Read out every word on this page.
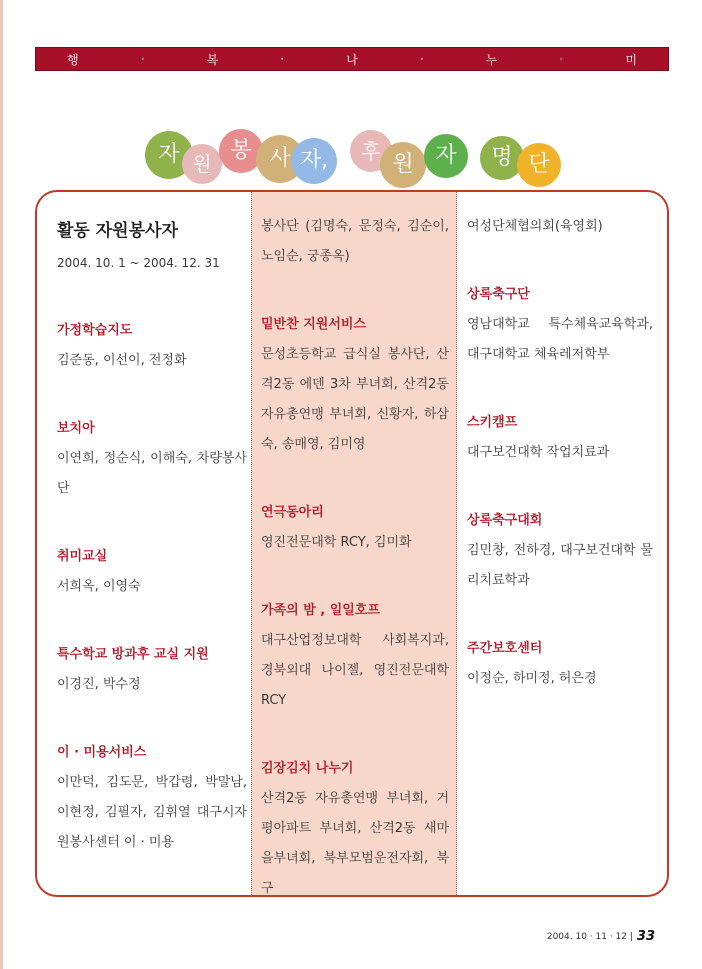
행	·	복	·	나	·	누	·	미
자 원
봉 사 자,	후
원 자	명 단

활동 자원봉사자

2004. 10. 1 ~ 2004. 12. 31

가정학습지도

김준동, 이선이, 전정화

보치아

이연희, 정순식, 이해숙, 차량봉사단

취미교실

서희옥, 이영숙

특수학교 방과후 교실 지원

이경진, 박수정

이 · 미용서비스

이만덕, 김도문, 박갑령, 박말남, 이현정, 김필자, 김휘열 대구시자원봉사센터 이 · 미용

봉사단 (김명숙, 문정숙, 김순이, 노임순, 궁종옥)

밑반찬 지원서비스

문성초등학교 급식실 봉사단, 산격2동 에덴 3차 부녀회, 산격2동 자유총연맹 부녀회, 신황자, 하삼숙, 송매영, 김미영

연극동아리

영진전문대학 RCY, 김미화

가족의 밤 , 일일호프

대구산업정보대학 사회복지과, 경북외대 나이젤, 영진전문대학 RCY

김장김치 나누기

산격2동 자유총연맹 부녀회, 거평아파트 부녀회, 산격2동 새마을부녀회, 북부모범운전자회, 북구

여성단체협의회(육영회)

상록축구단

영남대학교 특수체육교육학과, 대구대학교 체육레저학부

스키캠프

대구보건대학 작업치료과

상록축구대회

김민창, 전하경, 대구보건대학 물리치료학과

주간보호센터

이정순, 하미정, 허은경

2004. 10 · 11 · 12 | 33
